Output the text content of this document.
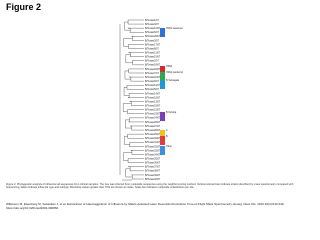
Figure 2
B/Texas/1/07
B/Texas/4/07
B/Texas/10/07
B/Texas/6/07
B/Texas/25/07
B/Texas/3/07
B/Texas/17/07
B/Texas/8/07
B/Texas/12/07
B/Texas/15/07
B/Texas/2/07
B/Texas/18/07
B/Texas/20/07
B/Texas/7/07
B/Texas/22/07
B/Texas/9/07
B/Texas/11/07
B/Texas/5/07
B/Texas/14/07
B/Texas/16/07
B/Texas/13/07
B/Texas/19/07
B/Texas/21/07
B/Texas/23/07
B/Texas/24/07
B/Texas/26/07
B/Texas/27/07
B/Texas/28/07
B/Texas/29/07
B/Texas/30/07
B/Texas/31/07
B/Texas/32/07
B/Texas/33/07
B/Texas/34/07
B/Texas/35/07
B/Texas/36/07
B/Texas/37/07
B/Texas/38/07
B/Texas/39/07
B/Texas/40/07
H1N1 seasonal
H3N2
H1N1 pandemic
B Yamagata
B Victoria
A
B
Other
Figure 2. Phylogenetic analysis of influenza HA sequences from clinical samples. The tree was inferred from nucleotide sequences using the neighbor-joining method. Vertical colored bars indicate strains identified by mass spectrometry compared with sequencing; labels indicate influenza type and subtype. Bootstrap values greater than 70% are shown at nodes. Scale bar indicates nucleotide substitutions per site.
Wilkinson M, Eisenberg M, Sebastian J, et al. Exploration of Haemagglutinin of Influenza by Matrix-Assisted Laser Desorption/Ionization Time-of-Flight Mass Spectrometry. Emerg Infect Dis. 2010;16(4):643-649. https://doi.org/10.3201/eid1604.090866
